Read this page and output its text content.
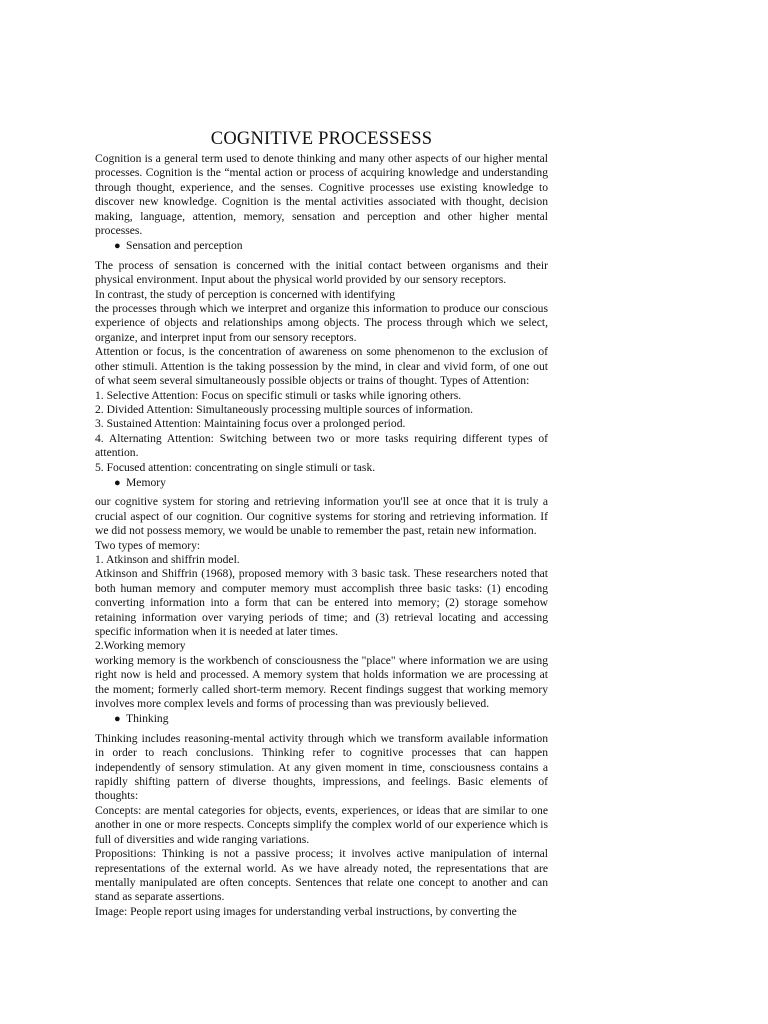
COGNITIVE PROCESSESS

Cognition is a general term used to denote thinking and many other aspects of our higher mental processes. Cognition is the “mental action or process of acquiring knowledge and understanding through thought, experience, and the senses. Cognitive processes use existing knowledge to discover new knowledge. Cognition is the mental activities associated with thought, decision making, language, attention, memory, sensation and perception and other higher mental processes.

● Sensation and perception

The process of sensation is concerned with the initial contact between organisms and their physical environment. Input about the physical world provided by our sensory receptors.

In contrast, the study of perception is concerned with identifying

the processes through which we interpret and organize this information to produce our conscious experience of objects and relationships among objects. The process through which we select, organize, and interpret input from our sensory receptors.

Attention or focus, is the concentration of awareness on some phenomenon to the exclusion of other stimuli. Attention is the taking possession by the mind, in clear and vivid form, of one out of what seem several simultaneously possible objects or trains of thought. Types of Attention:

1. Selective Attention: Focus on specific stimuli or tasks while ignoring others.

2. Divided Attention: Simultaneously processing multiple sources of information.

3. Sustained Attention: Maintaining focus over a prolonged period.

4. Alternating Attention: Switching between two or more tasks requiring different types of attention.

5. Focused attention: concentrating on single stimuli or task.

● Memory

our cognitive system for storing and retrieving information you'll see at once that it is truly a crucial aspect of our cognition. Our cognitive systems for storing and retrieving information. If we did not possess memory, we would be unable to remember the past, retain new information.

Two types of memory:

1. Atkinson and shiffrin model.

Atkinson and Shiffrin (1968), proposed memory with 3 basic task. These researchers noted that both human memory and computer memory must accomplish three basic tasks: (1) encoding converting information into a form that can be entered into memory; (2) storage somehow retaining information over varying periods of time; and (3) retrieval locating and accessing specific information when it is needed at later times.

2.Working memory

working memory is the workbench of consciousness the "place" where information we are using right now is held and processed. A memory system that holds information we are processing at the moment; formerly called short-term memory. Recent findings suggest that working memory involves more complex levels and forms of processing than was previously believed.

● Thinking

Thinking includes reasoning-mental activity through which we transform available information in order to reach conclusions. Thinking refer to cognitive processes that can happen independently of sensory stimulation. At any given moment in time, consciousness contains a rapidly shifting pattern of diverse thoughts, impressions, and feelings. Basic elements of thoughts:

Concepts: are mental categories for objects, events, experiences, or ideas that are similar to one another in one or more respects. Concepts simplify the complex world of our experience which is full of diversities and wide ranging variations.

Propositions: Thinking is not a passive process; it involves active manipulation of internal representations of the external world. As we have already noted, the representations that are mentally manipulated are often concepts. Sentences that relate one concept to another and can stand as separate assertions.

Image: People report using images for understanding verbal instructions, by converting the
